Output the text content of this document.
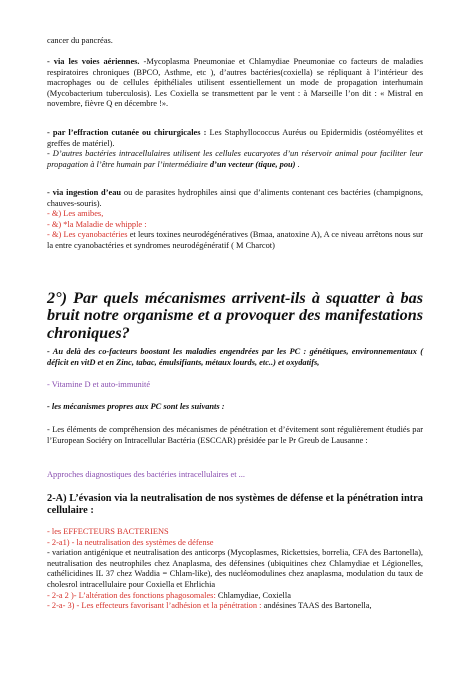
cancer du pancréas.

- via les voies aériennes. -Mycoplasma Pneumoniae et Chlamydiae Pneumoniae co facteurs de maladies respiratoires chroniques (BPCO, Asthme, etc ), d’autres bactéries(coxiella) se répliquant à l’intérieur des macrophages ou de cellules épithéliales utilisent essentiellement un mode de propagation interhumain (Mycobacterium tuberculosis). Les Coxiella se transmettent par le vent : à Marseille l’on dit : « Mistral en novembre, fièvre Q en décembre !».

- par l’effraction cutanée ou chirurgicales : Les Staphyllococcus Auréus ou Epidermidis (ostéomyélites et greffes de matériel).

- D’autres bactéries intracellulaires utilisent les cellules eucaryotes d’un réservoir animal pour faciliter leur propagation à l’être humain par l’intermédiaire d’un vecteur (tique, pou) .

- via ingestion d’eau ou de parasites hydrophiles ainsi que d’aliments contenant ces bactéries (champignons, chauves-souris).

- &) Les amibes,

- &) *la Maladie de whipple :

- &) Les cyanobactéries et leurs toxines neurodégénératives (Bmaa, anatoxine A), A ce niveau arrêtons nous sur la entre cyanobactéries et syndromes neurodégénératif ( M Charcot)

2°) Par quels mécanismes arrivent-ils à squatter à bas bruit notre organisme et a provoquer des manifestations chroniques?

- Au delà des co-facteurs boostant les maladies engendrées par les PC : génétiques, environnementaux ( déficit en vitD et en Zinc, tabac, émulsifiants, métaux lourds, etc..) et oxydatifs,

- Vitamine D et auto-immunité

- les mécanismes propres aux PC sont les suivants :

- Les éléments de compréhension des mécanismes de pénétration et d’évitement sont régulièrement étudiés par l’European Sociéry on Intracellular Bactéria (ESCCAR) présidée par le Pr Greub de Lausanne :

Approches diagnostiques des bactéries intracellulaires et ...

2-A) L’évasion via la neutralisation de nos systèmes de défense et la pénétration intra cellulaire :

- les EFFECTEURS BACTERIENS

- 2-a1) - la neutralisation des systèmes de défense

- variation antigénique et neutralisation des anticorps (Mycoplasmes, Rickettsies, borrelia, CFA des Bartonella), neutralisation des neutrophiles chez Anaplasma, des défensines (ubiquitines chez Chlamydiae et Légionelles, cathélicidines IL 37 chez Waddia = Chlam-like), des nucléomodulines chez anaplasma, modulation du taux de cholesrol intracellulaire pour Coxiella et Ehrlichia

- 2-a 2 )- L’altération des fonctions phagosomales: Chlamydiae, Coxiella

- 2-a- 3) - Les effecteurs favorisant l’adhésion et la pénétration : andésines TAAS des Bartonella,
